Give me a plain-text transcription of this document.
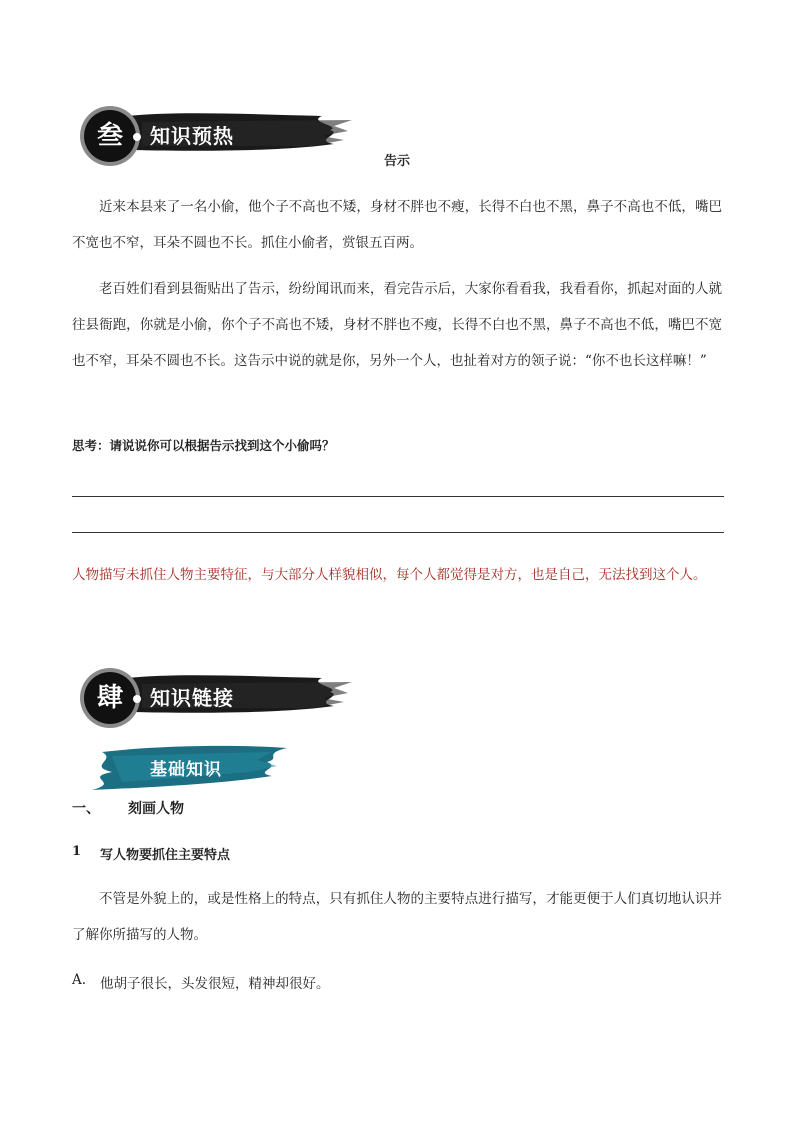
叁	知识预热
告示
近来本县来了一名小偷，他个子不高也不矮，身材不胖也不瘦，长得不白也不黑，鼻子不高也不低，嘴巴不宽也不窄，耳朵不圆也不长。抓住小偷者，赏银五百两。
老百姓们看到县衙贴出了告示，纷纷闻讯而来，看完告示后，大家你看看我，我看看你，抓起对面的人就往县衙跑，你就是小偷，你个子不高也不矮，身材不胖也不瘦，长得不白也不黑，鼻子不高也不低，嘴巴不宽也不窄，耳朵不圆也不长。这告示中说的就是你，另外一个人，也扯着对方的领子说：“你不也长这样嘛！”
思考：请说说你可以根据告示找到这个小偷吗？
人物描写未抓住人物主要特征，与大部分人样貌相似，每个人都觉得是对方，也是自己，无法找到这个人。
肆	知识链接
基础知识
一、 刻画人物
1 写人物要抓住主要特点
不管是外貌上的，或是性格上的特点，只有抓住人物的主要特点进行描写，才能更便于人们真切地认识并了解你所描写的人物。
A. 他胡子很长，头发很短，精神却很好。
